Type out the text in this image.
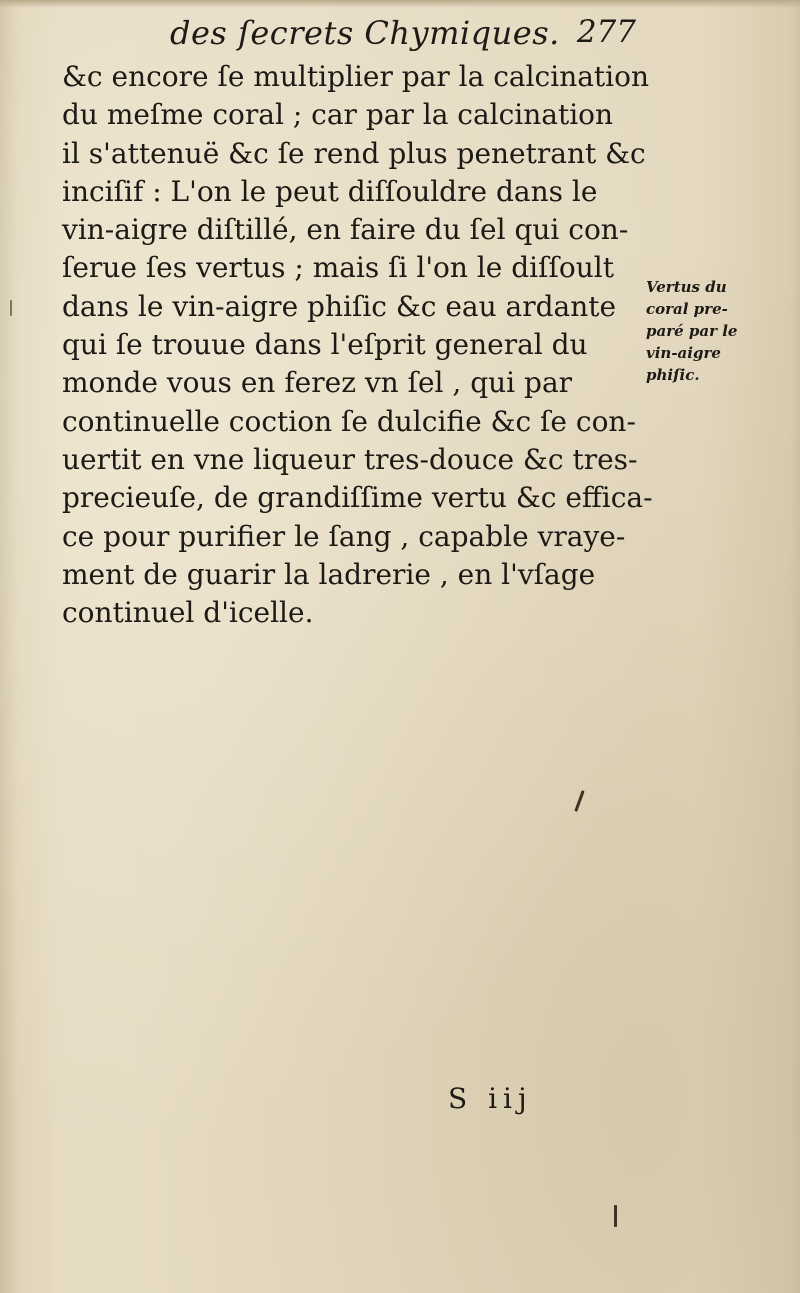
des ſecrets Chymiques. 277
&c encore ſe multiplier par la calcination
du meſme coral ; car par la calcination
il s'attenuë &c ſe rend plus penetrant &c
inciſif : L'on le peut diſſouldre dans le
vin-aigre diſtillé, en faire du ſel qui con-
ſerue ſes vertus ; mais ſi l'on le diſſoult
dans le vin-aigre phiſic &c eau ardante
qui ſe trouue dans l'eſprit general du
monde vous en ferez vn ſel , qui par
continuelle coction ſe dulcifie &c ſe con-
uertit en vne liqueur tres-douce &c tres-
precieuſe, de grandiſſime vertu &c effica-
ce pour purifier le ſang , capable vraye-
ment de guarir la ladrerie , en l'vſage
continuel d'icelle.
Vertus du
coral pre-
paré par le
vin-aigre
phiſic.
S iij
